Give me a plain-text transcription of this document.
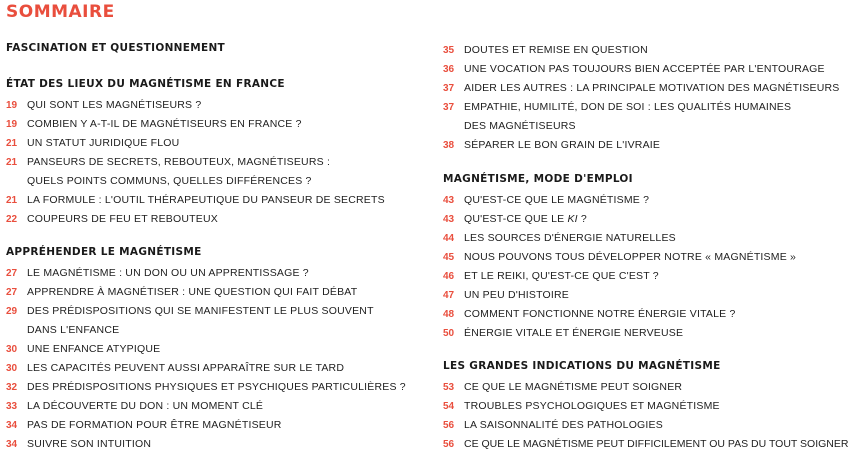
SOMMAIRE
FASCINATION ET QUESTIONNEMENT
ÉTAT DES LIEUX DU MAGNÉTISME EN FRANCE
19 QUI SONT LES MAGNÉTISEURS ?
19 COMBIEN Y A-T-IL DE MAGNÉTISEURS EN FRANCE ?
21 UN STATUT JURIDIQUE FLOU
21 PANSEURS DE SECRETS, REBOUTEUX, MAGNÉTISEURS :
QUELS POINTS COMMUNS, QUELLES DIFFÉRENCES ?
21 LA FORMULE : L'OUTIL THÉRAPEUTIQUE DU PANSEUR DE SECRETS
22 COUPEURS DE FEU ET REBOUTEUX
APPRÉHENDER LE MAGNÉTISME
27 LE MAGNÉTISME : UN DON OU UN APPRENTISSAGE ?
27 APPRENDRE À MAGNÉTISER : UNE QUESTION QUI FAIT DÉBAT
29 DES PRÉDISPOSITIONS QUI SE MANIFESTENT LE PLUS SOUVENT
DANS L'ENFANCE
30 UNE ENFANCE ATYPIQUE
30 LES CAPACITÉS PEUVENT AUSSI APPARAÎTRE SUR LE TARD
32 DES PRÉDISPOSITIONS PHYSIQUES ET PSYCHIQUES PARTICULIÈRES ?
33 LA DÉCOUVERTE DU DON : UN MOMENT CLÉ
34 PAS DE FORMATION POUR ÊTRE MAGNÉTISEUR
34 SUIVRE SON INTUITION
35 DOUTES ET REMISE EN QUESTION
36 UNE VOCATION PAS TOUJOURS BIEN ACCEPTÉE PAR L'ENTOURAGE
37 AIDER LES AUTRES : LA PRINCIPALE MOTIVATION DES MAGNÉTISEURS
37 EMPATHIE, HUMILITÉ, DON DE SOI : LES QUALITÉS HUMAINES
DES MAGNÉTISEURS
38 SÉPARER LE BON GRAIN DE L'IVRAIE
MAGNÉTISME, MODE D'EMPLOI
43 QU'EST-CE QUE LE MAGNÉTISME ?
43 QU'EST-CE QUE LE KI ?
44 LES SOURCES D'ÉNERGIE NATURELLES
45 NOUS POUVONS TOUS DÉVELOPPER NOTRE « MAGNÉTISME »
46 ET LE REIKI, QU'EST-CE QUE C'EST ?
47 UN PEU D'HISTOIRE
48 COMMENT FONCTIONNE NOTRE ÉNERGIE VITALE ?
50 ÉNERGIE VITALE ET ÉNERGIE NERVEUSE
LES GRANDES INDICATIONS DU MAGNÉTISME
53 CE QUE LE MAGNÉTISME PEUT SOIGNER
54 TROUBLES PSYCHOLOGIQUES ET MAGNÉTISME
56 LA SAISONNALITÉ DES PATHOLOGIES
56 CE QUE LE MAGNÉTISME PEUT DIFFICILEMENT OU PAS DU TOUT SOIGNER
